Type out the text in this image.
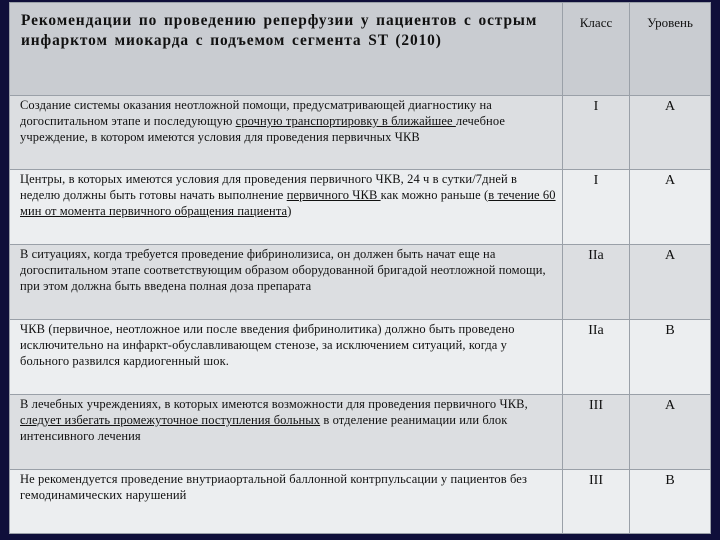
Рекомендации по проведению реперфузии у пациентов с острым инфарктом миокарда с подъемом сегмента ST (2010)	Класс	Уровень
Создание системы оказания неотложной помощи, предусматривающей диагностику на догоспитальном этапе и последующую срочную транспортировку в ближайшее лечебное учреждение, в котором имеются условия для проведения первичных ЧКВ	I	A
Центры, в которых имеются условия для проведения первичного ЧКВ, 24 ч в сутки/7дней в неделю должны быть готовы начать выполнение первичного ЧКВ как можно раньше (в течение 60 мин от момента первичного обращения пациента)	I	A
В ситуациях, когда требуется проведение фибринолизиса, он должен быть начат еще на догоспитальном этапе соответствующим образом оборудованной бригадой неотложной помощи, при этом должна быть введена полная доза препарата	IIa	A
ЧКВ (первичное, неотложное или после введения фибринолитика) должно быть проведено исключительно на инфаркт-обуславливающем стенозе, за исключением ситуаций, когда у больного развился кардиогенный шок.	IIa	B
В лечебных учреждениях, в которых имеются возможности для проведения первичного ЧКВ, следует избегать промежуточное поступления больных в отделение реанимации или блок интенсивного лечения	III	A
Не рекомендуется проведение внутриаортальной баллонной контрпульсации у пациентов без гемодинамических нарушений	III	B
